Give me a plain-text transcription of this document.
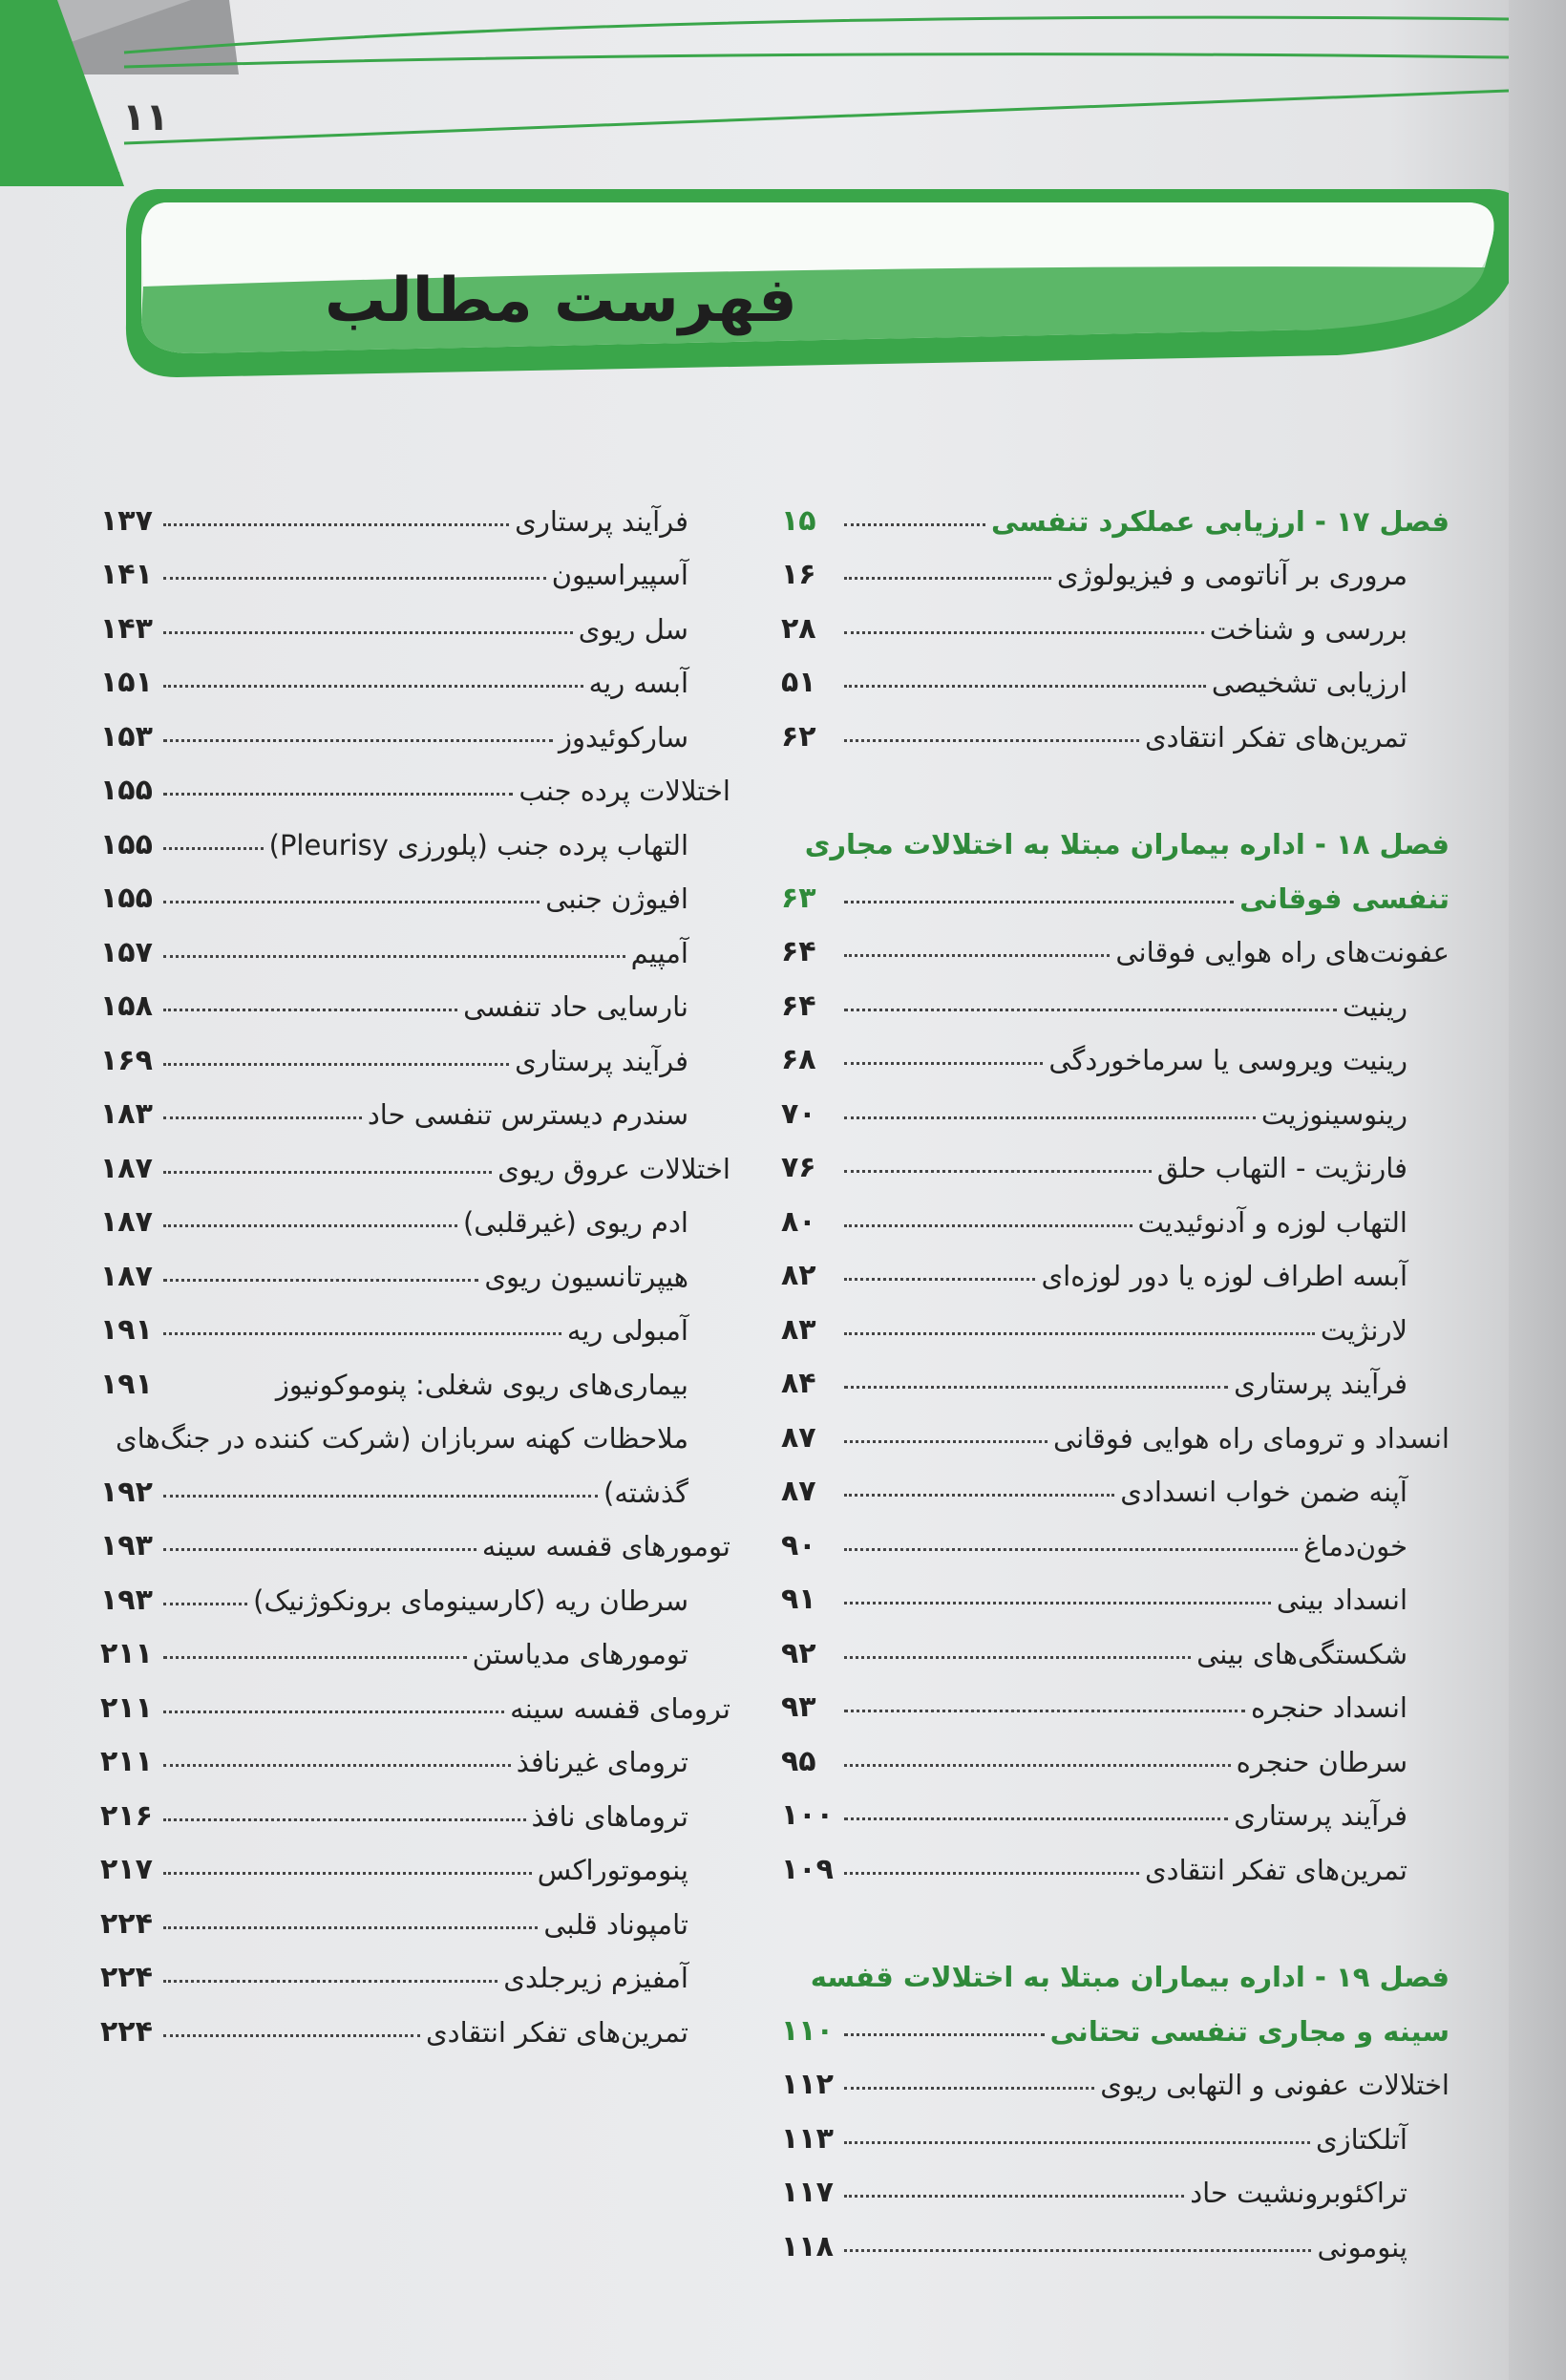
۱۱
فهرست مطالب
فصل ۱۷ - ارزیابی عملکرد تنفسی
۱۵
مروری بر آناتومی و فیزیولوژی
۱۶
بررسی و شناخت
۲۸
ارزیابی تشخیصی
۵۱
تمرین‌های تفکر انتقادی
۶۲
فصل ۱۸ - اداره بیماران مبتلا به اختلالات مجاری
تنفسی فوقانی
۶۳
عفونت‌های راه هوایی فوقانی
۶۴
رینیت
۶۴
رینیت ویروسی یا سرماخوردگی
۶۸
رینوسینوزیت
۷۰
فارنژیت - التهاب حلق
۷۶
التهاب لوزه و آدنوئیدیت
۸۰
آبسه اطراف لوزه یا دور لوزه‌ای
۸۲
لارنژیت
۸۳
فرآیند پرستاری
۸۴
انسداد و ترومای راه هوایی فوقانی
۸۷
آپنه ضمن خواب انسدادی
۸۷
خون‌دماغ
۹۰
انسداد بینی
۹۱
شکستگی‌های بینی
۹۲
انسداد حنجره
۹۳
سرطان حنجره
۹۵
فرآیند پرستاری
۱۰۰
تمرین‌های تفکر انتقادی
۱۰۹
فصل ۱۹ - اداره بیماران مبتلا به اختلالات قفسه
سینه و مجاری تنفسی تحتانی
۱۱۰
اختلالات عفونی و التهابی ریوی
۱۱۲
آتلکتازی
۱۱۳
تراکئوبرونشیت حاد
۱۱۷
پنومونی
۱۱۸
فرآیند پرستاری
۱۳۷
آسپیراسیون
۱۴۱
سل ریوی
۱۴۳
آبسه ریه
۱۵۱
سارکوئیدوز
۱۵۳
اختلالات پرده جنب
۱۵۵
التهاب پرده جنب (پلورزی Pleurisy)
۱۵۵
افیوژن جنبی
۱۵۵
آمپیم
۱۵۷
نارسایی حاد تنفسی
۱۵۸
فرآیند پرستاری
۱۶۹
سندرم دیسترس تنفسی حاد
۱۸۳
اختلالات عروق ریوی
۱۸۷
ادم ریوی (غیرقلبی)
۱۸۷
هیپرتانسیون ریوی
۱۸۷
آمبولی ریه
۱۹۱
بیماری‌های ریوی شغلی: پنوموکونیوز
۱۹۱
ملاحظات کهنه سربازان (شرکت کننده در جنگ‌های
گذشته)
۱۹۲
تومورهای قفسه سینه
۱۹۳
سرطان ریه (کارسینومای برونکوژنیک)
۱۹۳
تومورهای مدیاستن
۲۱۱
ترومای قفسه سینه
۲۱۱
ترومای غیرنافذ
۲۱۱
تروماهای نافذ
۲۱۶
پنوموتوراکس
۲۱۷
تامپوناد قلبی
۲۲۴
آمفیزم زیرجلدی
۲۲۴
تمرین‌های تفکر انتقادی
۲۲۴
